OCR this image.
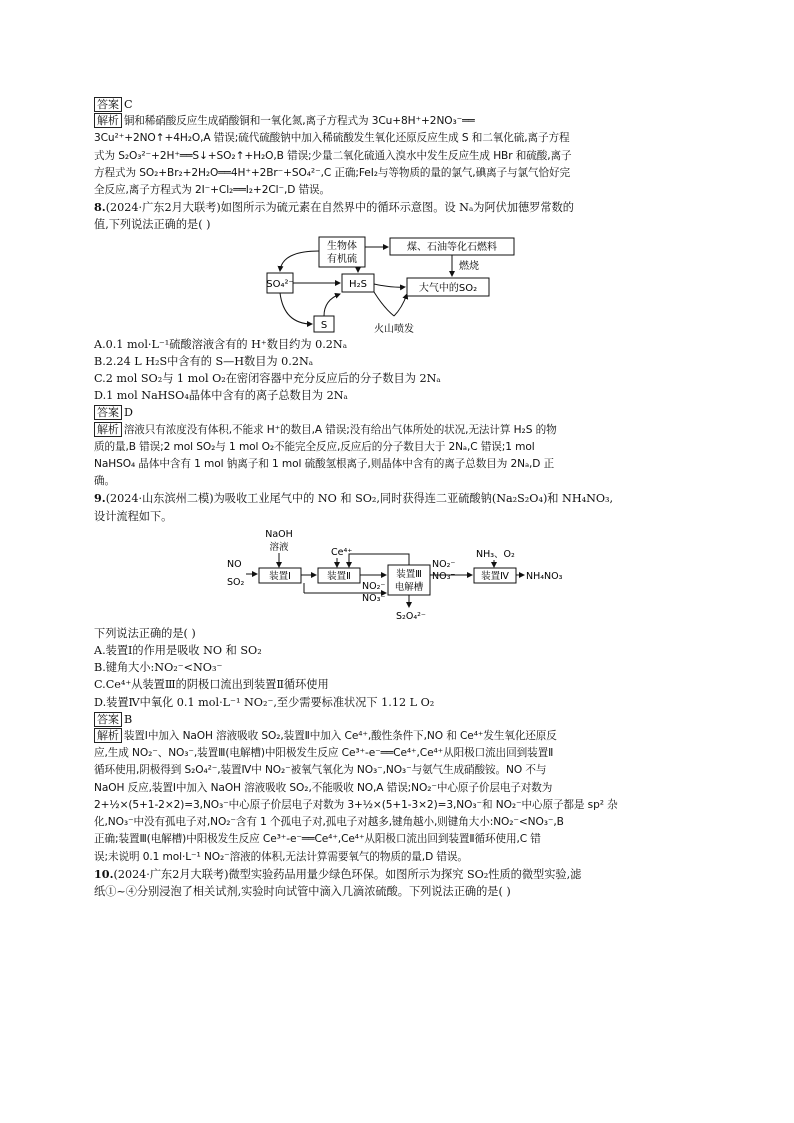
答案 C

解析 铜和稀硝酸反应生成硝酸铜和一氧化氮,离子方程式为 3Cu+8H⁺+2NO₃⁻══

3Cu²⁺+2NO↑+4H₂O,A 错误;硫代硫酸钠中加入稀硫酸发生氧化还原反应生成 S 和二氧化硫,离子方程

式为 S₂O₃²⁻+2H⁺══S↓+SO₂↑+H₂O,B 错误;少量二氧化硫通入溴水中发生反应生成 HBr 和硫酸,离子

方程式为 SO₂+Br₂+2H₂O══4H⁺+2Br⁻+SO₄²⁻,C 正确;FeI₂与等物质的量的氯气,碘离子与氯气恰好完

全反应,离子方程式为 2I⁻+Cl₂══I₂+2Cl⁻,D 错误。

8.(2024·广东2月大联考)如图所示为硫元素在自然界中的循环示意图。设 Nₐ为阿伏加德罗常数的

值,下列说法正确的是( )

生物体
有机硫
煤、石油等化石燃料
燃烧
SO₄²⁻	H₂S	大气中的SO₂
S	火山喷发

A.0.1 mol·L⁻¹硫酸溶液含有的 H⁺数目约为 0.2Nₐ

B.2.24 L H₂S中含有的 S—H数目为 0.2Nₐ

C.2 mol SO₂与 1 mol O₂在密闭容器中充分反应后的分子数目为 2Nₐ

D.1 mol NaHSO₄晶体中含有的离子总数目为 2Nₐ

答案 D

解析 溶液只有浓度没有体积,不能求 H⁺的数目,A 错误;没有给出气体所处的状况,无法计算 H₂S 的物

质的量,B 错误;2 mol SO₂与 1 mol O₂不能完全反应,反应后的分子数目大于 2Nₐ,C 错误;1 mol

NaHSO₄ 晶体中含有 1 mol 钠离子和 1 mol 硫酸氢根离子,则晶体中含有的离子总数目为 2Nₐ,D 正

确。

9.(2024·山东滨州二模)为吸收工业尾气中的 NO 和 SO₂,同时获得连二亚硫酸钠(Na₂S₂O₄)和 NH₄NO₃,

设计流程如下。

NaOH
溶液	Ce⁴⁺
NO
SO₂
装置Ⅰ	装置Ⅱ	装置Ⅲ
电解槽
NO₂⁻
NO₃⁻
NO₂⁻
NO₃⁻
NH₃、O₂
装置Ⅳ NH₄NO₃
S₂O₄²⁻

下列说法正确的是( )

A.装置Ⅰ的作用是吸收 NO 和 SO₂

B.键角大小:NO₂⁻<NO₃⁻

C.Ce⁴⁺从装置Ⅲ的阴极口流出到装置Ⅱ循环使用

D.装置Ⅳ中氧化 0.1 mol·L⁻¹ NO₂⁻,至少需要标准状况下 1.12 L O₂

答案 B

解析 装置Ⅰ中加入 NaOH 溶液吸收 SO₂,装置Ⅱ中加入 Ce⁴⁺,酸性条件下,NO 和 Ce⁴⁺发生氧化还原反

应,生成 NO₂⁻、NO₃⁻,装置Ⅲ(电解槽)中阳极发生反应 Ce³⁺-e⁻══Ce⁴⁺,Ce⁴⁺从阳极口流出回到装置Ⅱ

循环使用,阴极得到 S₂O₄²⁻,装置Ⅳ中 NO₂⁻被氧气氧化为 NO₃⁻,NO₃⁻与氨气生成硝酸铵。NO 不与

NaOH 反应,装置Ⅰ中加入 NaOH 溶液吸收 SO₂,不能吸收 NO,A 错误;NO₂⁻中心原子价层电子对数为

2+½×(5+1-2×2)=3,NO₃⁻中心原子价层电子对数为 3+½×(5+1-3×2)=3,NO₃⁻和 NO₂⁻中心原子都是 sp² 杂

化,NO₃⁻中没有孤电子对,NO₂⁻含有 1 个孤电子对,孤电子对越多,键角越小,则键角大小:NO₂⁻<NO₃⁻,B

正确;装置Ⅲ(电解槽)中阳极发生反应 Ce³⁺-e⁻══Ce⁴⁺,Ce⁴⁺从阳极口流出回到装置Ⅱ循环使用,C 错

误;未说明 0.1 mol·L⁻¹ NO₂⁻溶液的体积,无法计算需要氧气的物质的量,D 错误。

10.(2024·广东2月大联考)微型实验药品用量少绿色环保。如图所示为探究 SO₂性质的微型实验,滤

纸①~④分别浸泡了相关试剂,实验时向试管中滴入几滴浓硫酸。下列说法正确的是( )
